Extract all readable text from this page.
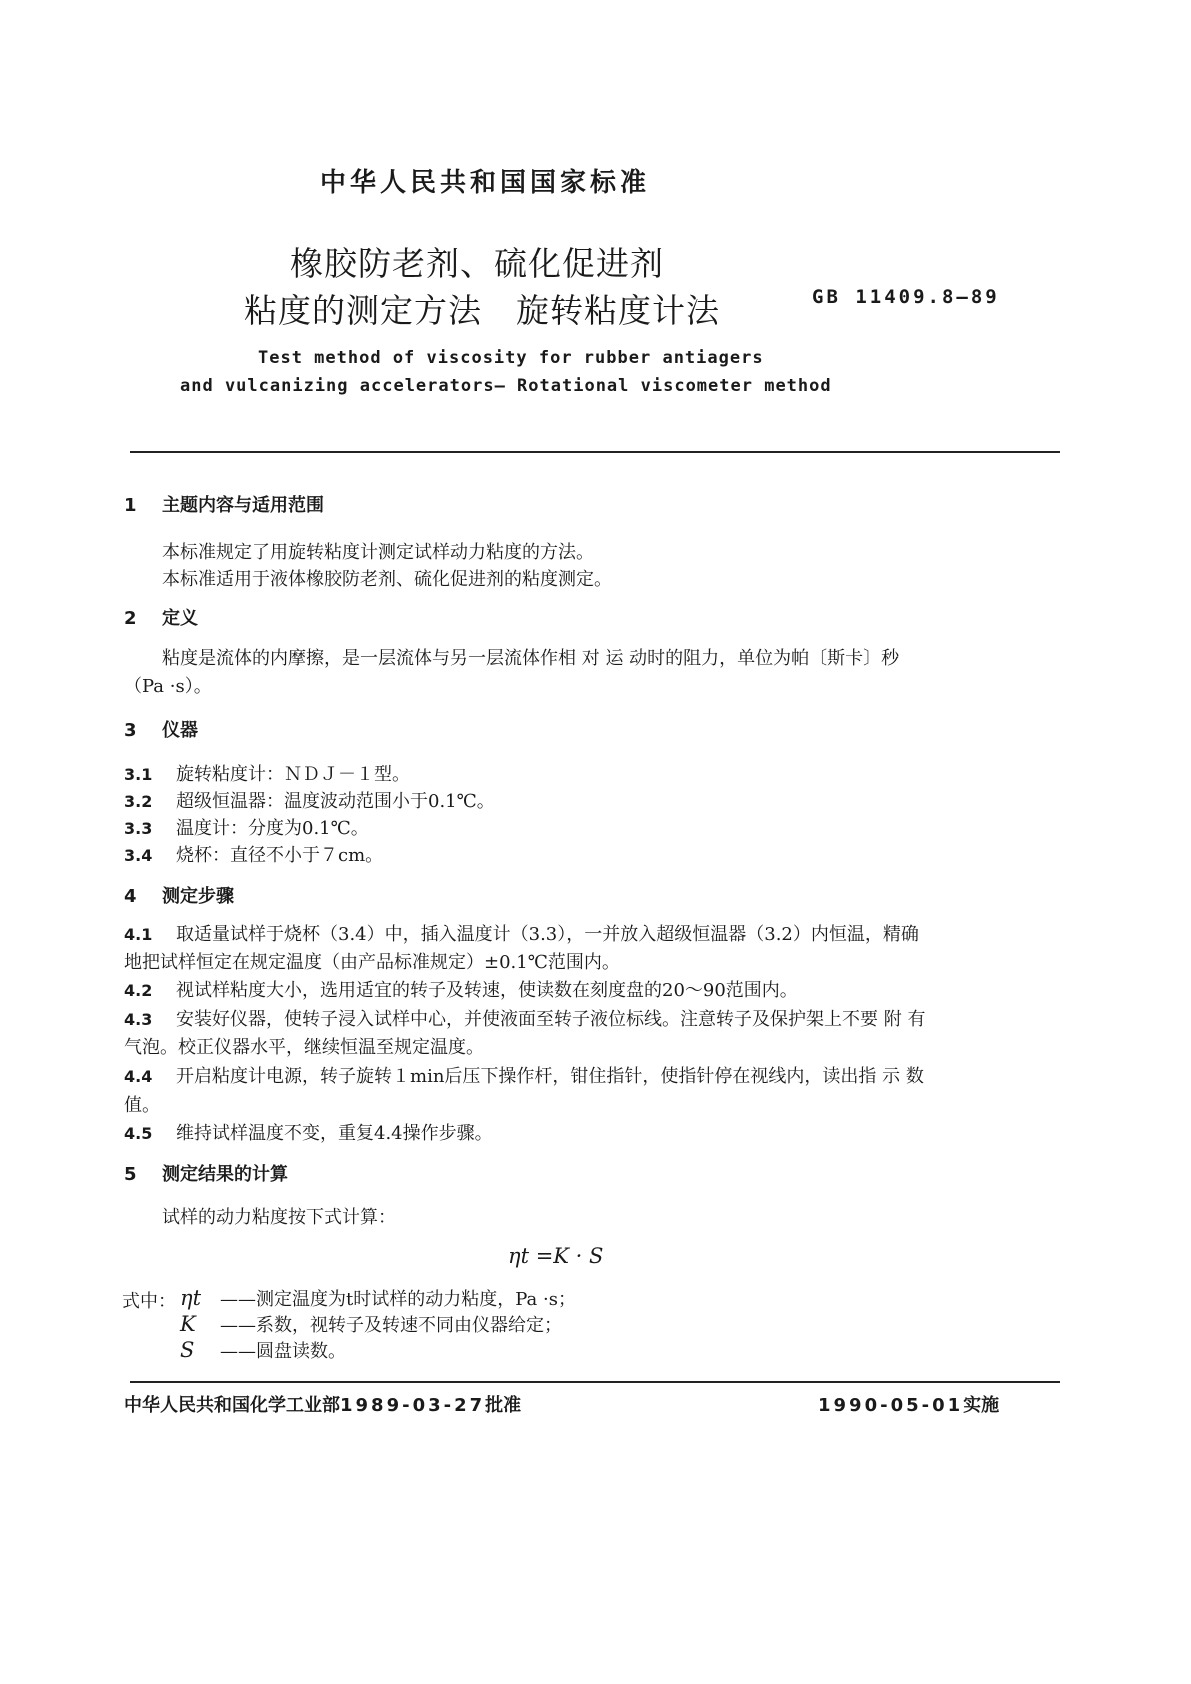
中华人民共和国国家标准
橡胶防老剂、硫化促进剂
粘度的测定方法　旋转粘度计法	GB 11409.8—89
Test method of viscosity for rubber antiagers
and vulcanizing accelerators— Rotational viscometer method
1 主题内容与适用范围
本标准规定了用旋转粘度计测定试样动力粘度的方法。
本标准适用于液体橡胶防老剂、硫化促进剂的粘度测定。
2 定义
粘度是流体的内摩擦，是一层流体与另一层流体作相 对 运 动时的阻力，单位为帕〔斯卡〕秒
（Pa ·s）。
3 仪器
3.1 旋转粘度计：ＮＤＪ－１型。
3.2 超级恒温器：温度波动范围小于0.1℃。
3.3 温度计：分度为0.1℃。
3.4 烧杯：直径不小于７cm。
4 测定步骤
4.1 取适量试样于烧杯（3.4）中，插入温度计（3.3），一并放入超级恒温器（3.2）内恒温，精确
地把试样恒定在规定温度（由产品标准规定）±0.1℃范围内。
4.2 视试样粘度大小，选用适宜的转子及转速，使读数在刻度盘的20～90范围内。
4.3 安装好仪器，使转子浸入试样中心，并使液面至转子液位标线。注意转子及保护架上不要 附 有
气泡。校正仪器水平，继续恒温至规定温度。
4.4 开启粘度计电源，转子旋转１min后压下操作杆，钳住指针，使指针停在视线内，读出指 示 数
值。
4.5 维持试样温度不变，重复4.4操作步骤。
5 测定结果的计算
试样的动力粘度按下式计算：
ηt =K · S
式中： ηt ——测定温度为t时试样的动力粘度，Pa ·s；
K ——系数，视转子及转速不同由仪器给定；
S ——圆盘读数。
中华人民共和国化学工业部1989-03-27批准	1990-05-01实施
